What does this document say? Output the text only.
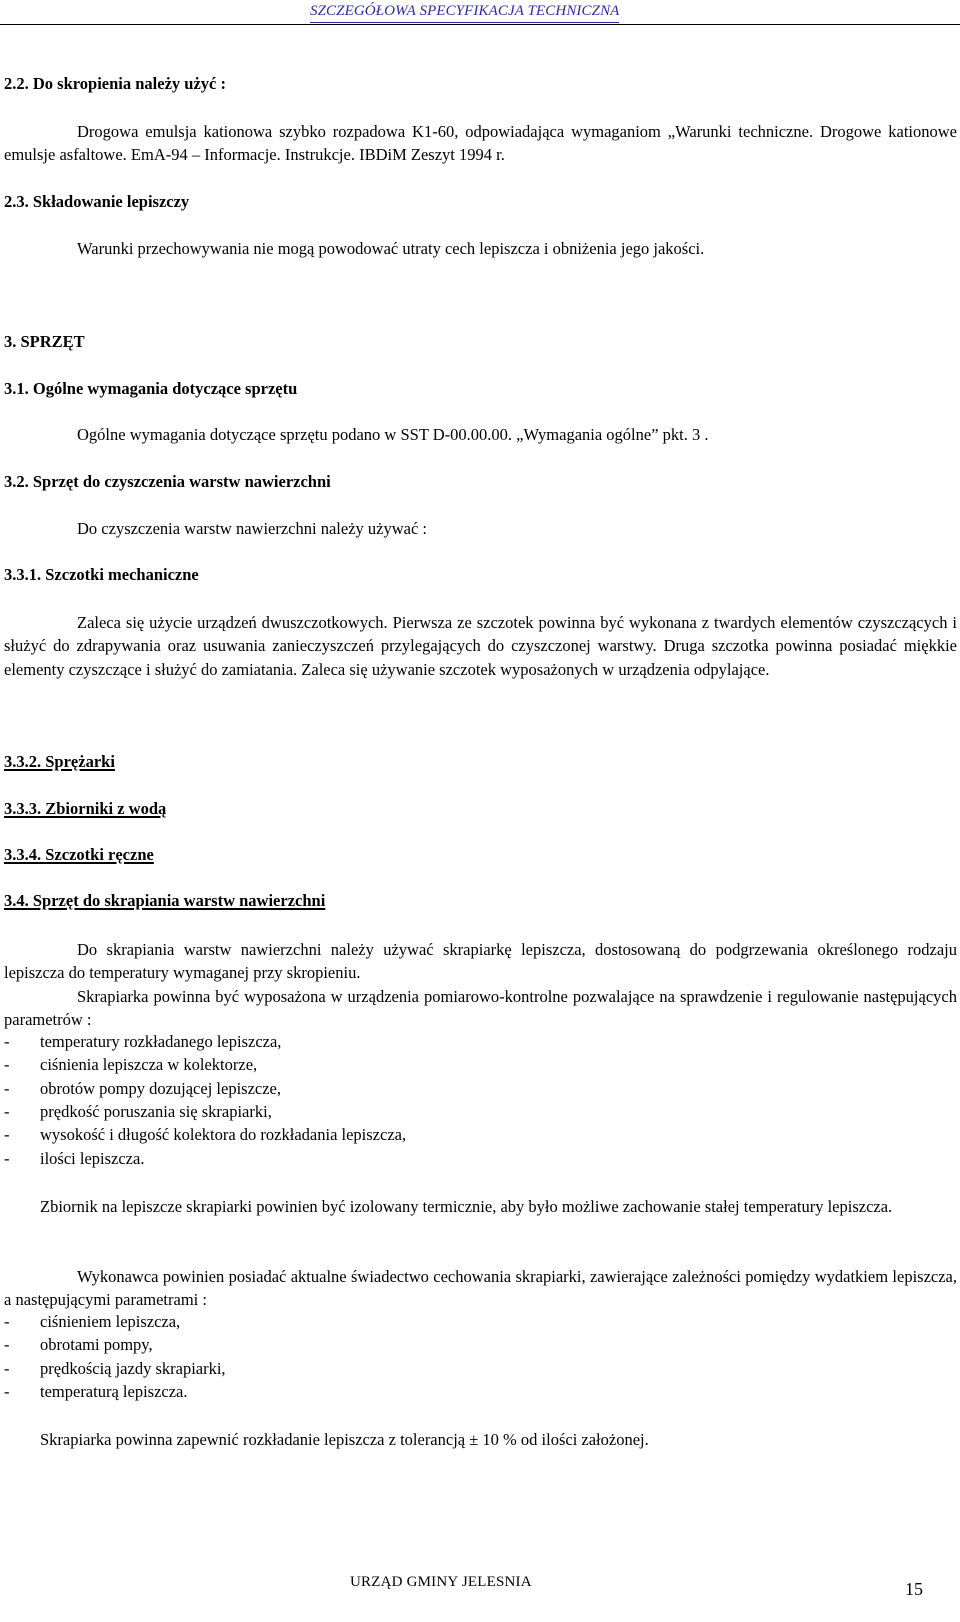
SZCZEGÓŁOWA SPECYFIKACJA TECHNICZNA
2.2. Do skropienia należy użyć :

Drogowa emulsja kationowa szybko rozpadowa K1-60, odpowiadająca wymaganiom „Warunki techniczne. Drogowe kationowe emulsje asfaltowe. EmA-94 – Informacje. Instrukcje. IBDiM Zeszyt 1994 r.

2.3. Składowanie lepiszczy

Warunki przechowywania nie mogą powodować utraty cech lepiszcza i obniżenia jego jakości.

3. SPRZĘT
3.1. Ogólne wymagania dotyczące sprzętu
Ogólne wymagania dotyczące sprzętu podano w SST D-00.00.00. „Wymagania ogólne” pkt. 3 .
3.2. Sprzęt do czyszczenia warstw nawierzchni
Do czyszczenia warstw nawierzchni należy używać :
3.3.1. Szczotki mechaniczne

Zaleca się użycie urządzeń dwuszczotkowych. Pierwsza ze szczotek powinna być wykonana z twardych elementów czyszczących i służyć do zdrapywania oraz usuwania zanieczyszczeń przylegających do czyszczonej warstwy. Druga szczotka powinna posiadać miękkie elementy czyszczące i służyć do zamiatania. Zaleca się używanie szczotek wyposażonych w urządzenia odpylające.

3.3.2. Sprężarki
3.3.3. Zbiorniki z wodą
3.3.4. Szczotki ręczne
3.4. Sprzęt do skrapiania warstw nawierzchni

Do skrapiania warstw nawierzchni należy używać skrapiarkę lepiszcza, dostosowaną do podgrzewania określonego rodzaju lepiszcza do temperatury wymaganej przy skropieniu.

Skrapiarka powinna być wyposażona w urządzenia pomiarowo-kontrolne pozwalające na sprawdzenie i regulowanie następujących parametrów :

- temperatury rozkładanego lepiszcza,
- ciśnienia lepiszcza w kolektorze,
- obrotów pompy dozującej lepiszcze,
- prędkość poruszania się skrapiarki,
- wysokość i długość kolektora do rozkładania lepiszcza,
- ilości lepiszcza.

Zbiornik na lepiszcze skrapiarki powinien być izolowany termicznie, aby było możliwe zachowanie stałej temperatury lepiszcza.

Wykonawca powinien posiadać aktualne świadectwo cechowania skrapiarki, zawierające zależności pomiędzy wydatkiem lepiszcza, a następującymi parametrami :

- ciśnieniem lepiszcza,
- obrotami pompy,
- prędkością jazdy skrapiarki,
- temperaturą lepiszcza.
Skrapiarka powinna zapewnić rozkładanie lepiszcza z tolerancją ± 10 % od ilości założonej.
URZĄD GMINY JELESNIA	15
